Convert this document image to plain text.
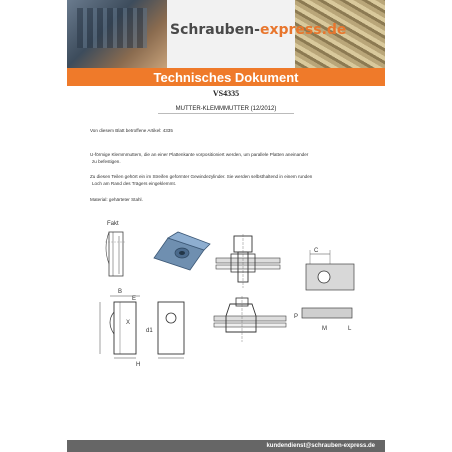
Schrauben-express.de
Technisches Dokument
VS4335
MUTTER-KLEMMMUTTER (12/2012)
Von diesem Blatt betroffene Artikel: 4335
U-förmige Klemmmuttern, die an einer Plattenkante vorpositioniert werden, um parallele Platten aneinander
zu befestigen.
Zu diesen Teilen gehört ein im Streifen geformter Gewindezylinder. Sie werden selbsthaltend in einem runden
Loch am Rand des Trägers eingeklemmt.
Material: gehärteter Stahl.
Fakt
C
P
M	L
B
E
X
d1
H
kundendienst@schrauben-express.de
